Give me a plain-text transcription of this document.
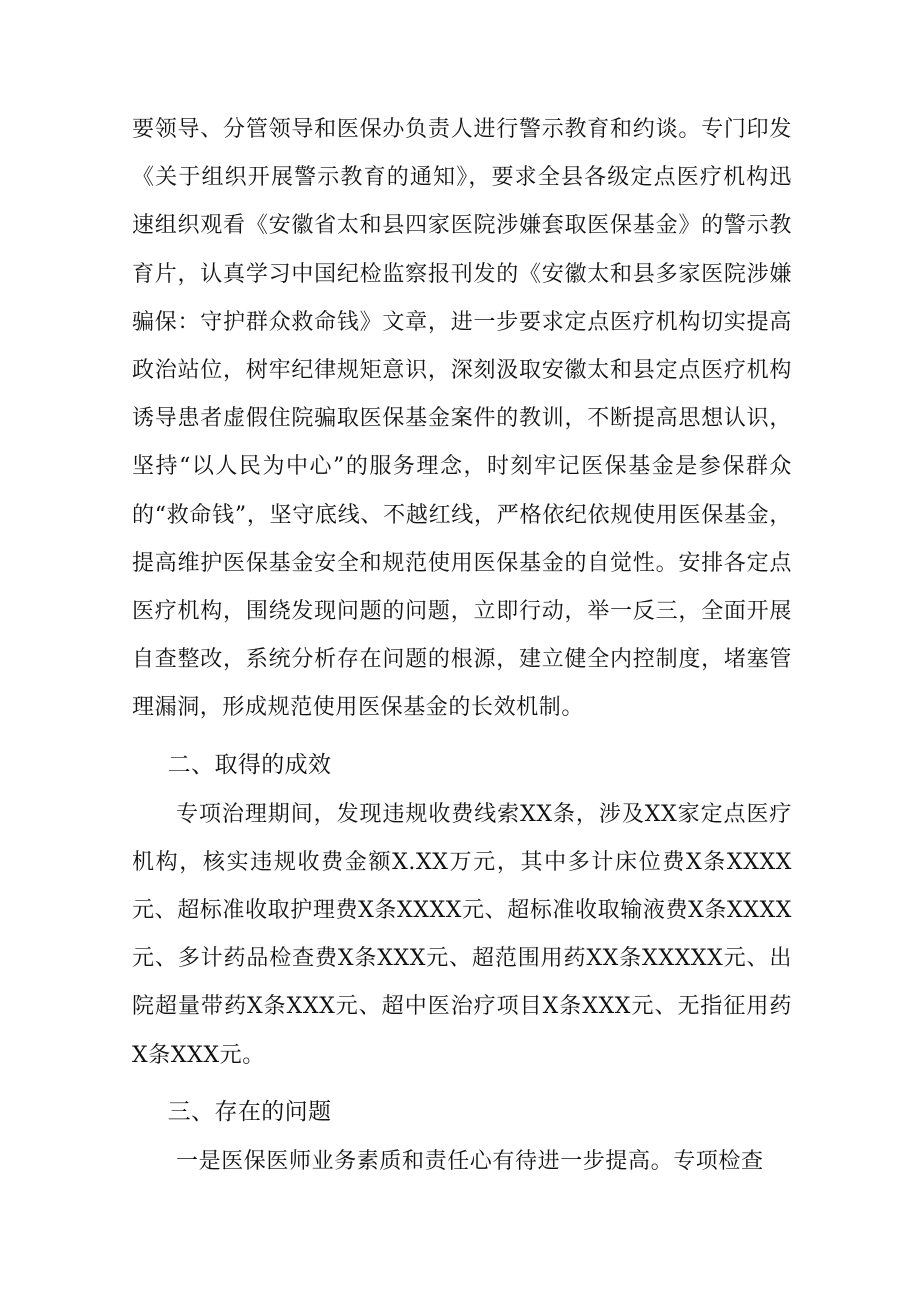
要领导、分管领导和医保办负责人进行警示教育和约谈。专门印发《关于组织开展警示教育的通知》，要求全县各级定点医疗机构迅速组织观看《安徽省太和县四家医院涉嫌套取医保基金》的警示教育片，认真学习中国纪检监察报刊发的《安徽太和县多家医院涉嫌骗保：守护群众救命钱》文章，进一步要求定点医疗机构切实提高政治站位，树牢纪律规矩意识，深刻汲取安徽太和县定点医疗机构诱导患者虚假住院骗取医保基金案件的教训，不断提高思想认识，坚持“以人民为中心”的服务理念，时刻牢记医保基金是参保群众的“救命钱”，坚守底线、不越红线，严格依纪依规使用医保基金，提高维护医保基金安全和规范使用医保基金的自觉性。安排各定点医疗机构，围绕发现问题的问题，立即行动，举一反三，全面开展自查整改，系统分析存在问题的根源，建立健全内控制度，堵塞管理漏洞，形成规范使用医保基金的长效机制。

二、取得的成效

专项治理期间，发现违规收费线索XX条，涉及XX家定点医疗机构，核实违规收费金额X.XX万元，其中多计床位费X条XXXX元、超标准收取护理费X条XXXX元、超标准收取输液费X条XXXX元、多计药品检查费X条XXX元、超范围用药XX条XXXXX元、出院超量带药X条XXX元、超中医治疗项目X条XXX元、无指征用药X条XXX元。

三、存在的问题

一是医保医师业务素质和责任心有待进一步提高。专项检查
